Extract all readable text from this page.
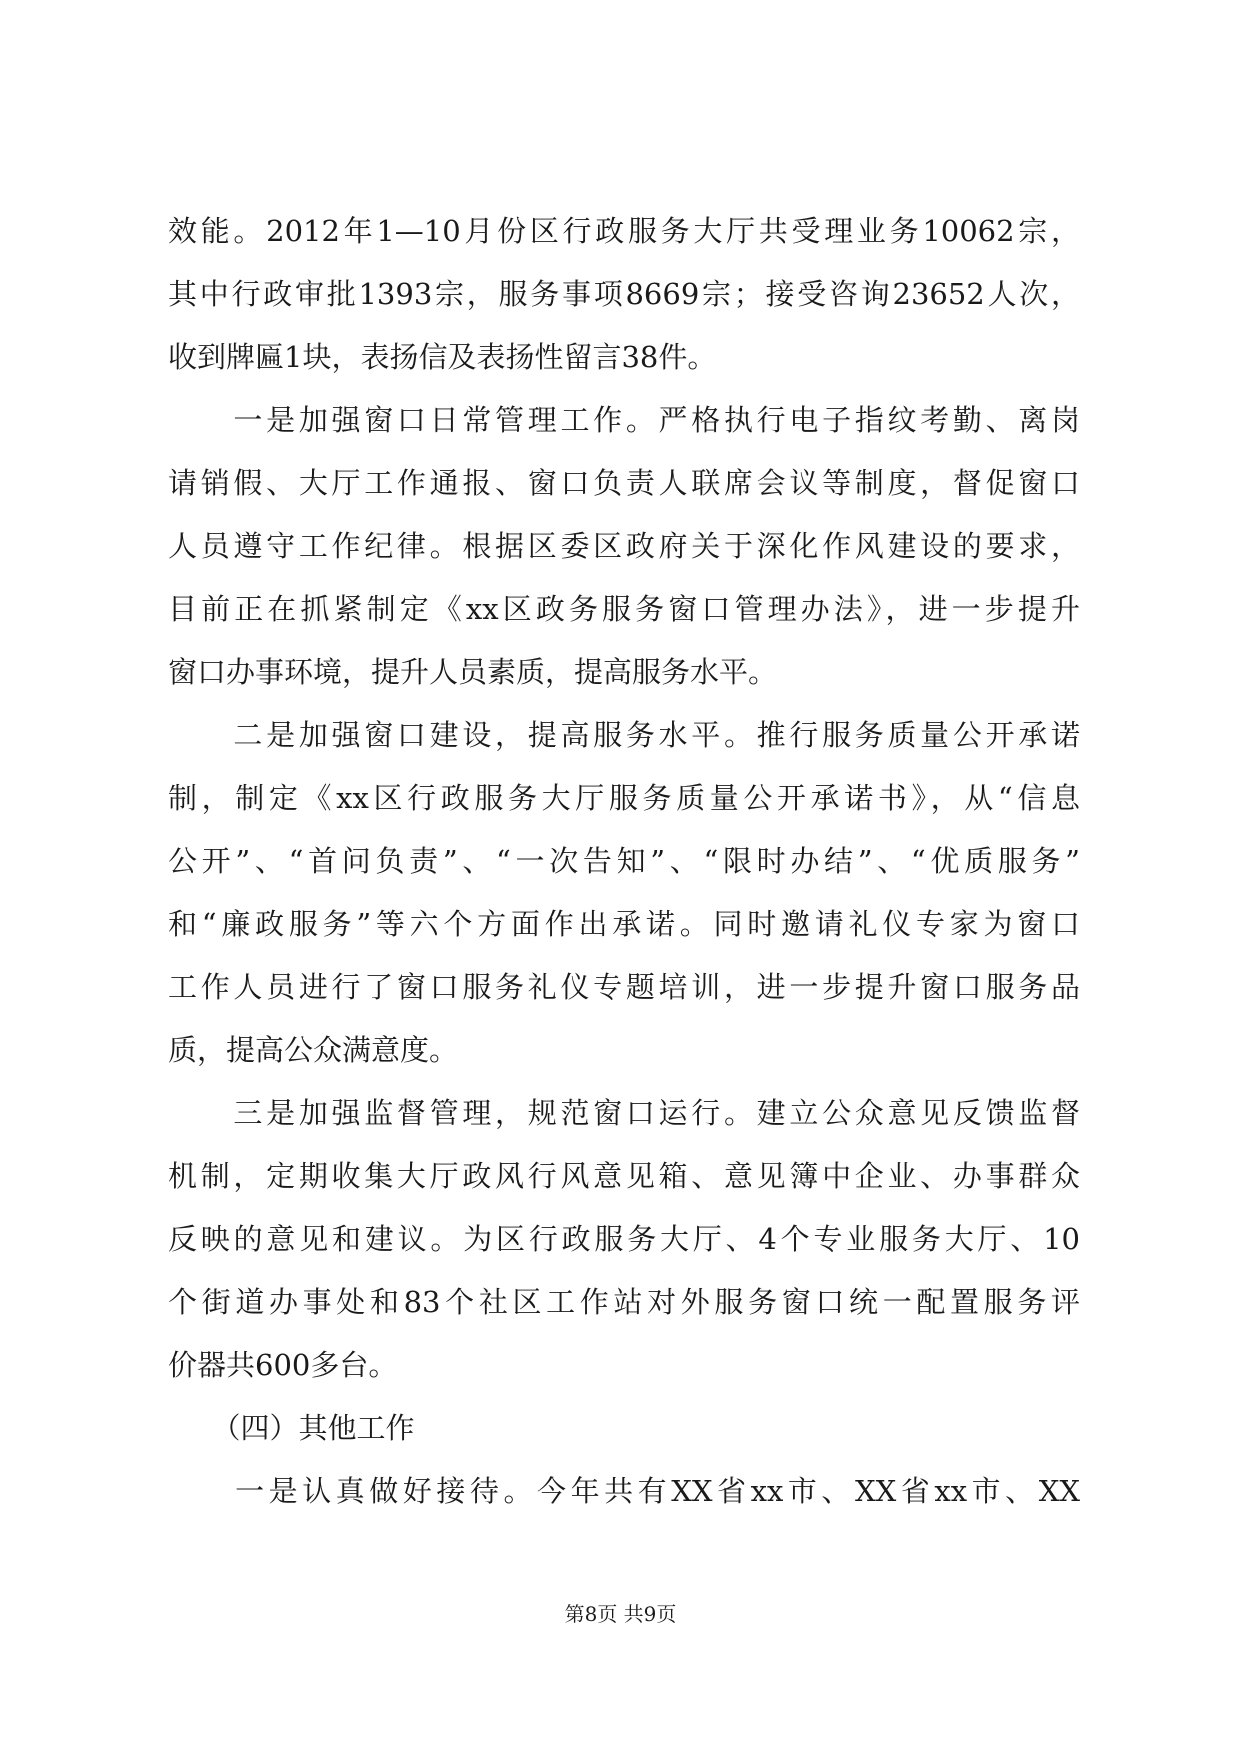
效能。2012年1—10月份区行政服务大厅共受理业务10062宗，
其中行政审批1393宗，服务事项8669宗；接受咨询23652人次，
收到牌匾1块，表扬信及表扬性留言38件。
　　一是加强窗口日常管理工作。严格执行电子指纹考勤、离岗
请销假、大厅工作通报、窗口负责人联席会议等制度，督促窗口
人员遵守工作纪律。根据区委区政府关于深化作风建设的要求，
目前正在抓紧制定《xx区政务服务窗口管理办法》，进一步提升
窗口办事环境，提升人员素质，提高服务水平。
　　二是加强窗口建设，提高服务水平。推行服务质量公开承诺
制，制定《xx区行政服务大厅服务质量公开承诺书》，从“信息
公开”、“首问负责”、“一次告知”、“限时办结”、“优质服务”
和“廉政服务”等六个方面作出承诺。同时邀请礼仪专家为窗口
工作人员进行了窗口服务礼仪专题培训，进一步提升窗口服务品
质，提高公众满意度。
　　三是加强监督管理，规范窗口运行。建立公众意见反馈监督
机制，定期收集大厅政风行风意见箱、意见簿中企业、办事群众
反映的意见和建议。为区行政服务大厅、4个专业服务大厅、10
个街道办事处和83个社区工作站对外服务窗口统一配置服务评
价器共600多台。
　　（四）其他工作
　　一是认真做好接待。今年共有XX省xx市、XX省xx市、XX
第8页 共9页
